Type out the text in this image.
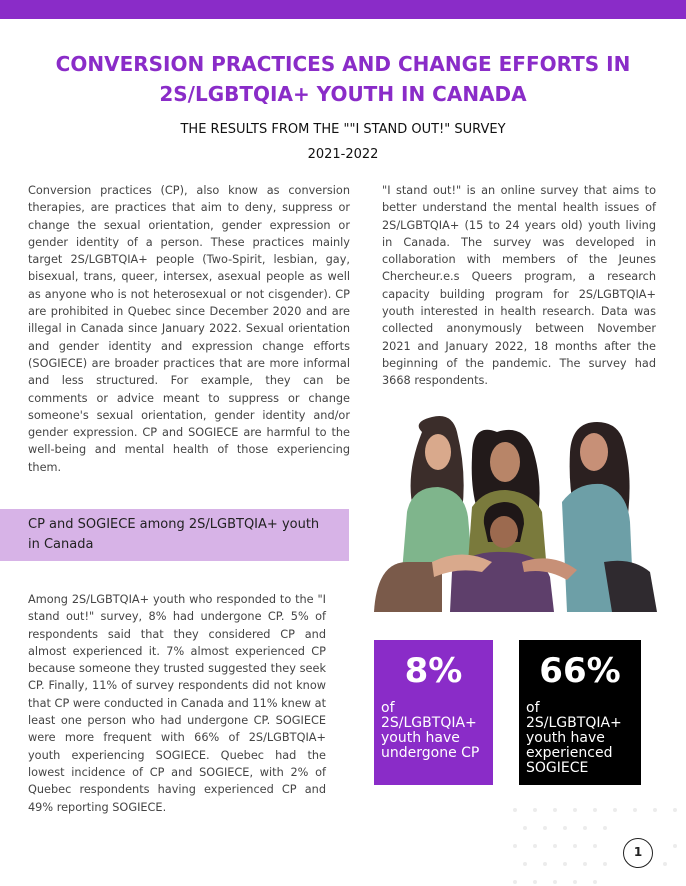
CONVERSION PRACTICES AND CHANGE EFFORTS IN
2S/LGBTQIA+ YOUTH IN CANADA
THE RESULTS FROM THE ""I STAND OUT!" SURVEY
2021-2022

Conversion practices (CP), also know as conversion therapies, are practices that aim to deny, suppress or change the sexual orientation, gender expression or gender identity of a person. These practices mainly target 2S/LGBTQIA+ people (Two-Spirit, lesbian, gay, bisexual, trans, queer, intersex, asexual people as well as anyone who is not heterosexual or not cisgender). CP are prohibited in Quebec since December 2020 and are illegal in Canada since January 2022. Sexual orientation and gender identity and expression change efforts (SOGIECE) are broader practices that are more informal and less structured. For example, they can be comments or advice meant to suppress or change someone's sexual orientation, gender identity and/or gender expression. CP and SOGIECE are harmful to the well-being and mental health of those experiencing them.

"I stand out!" is an online survey that aims to better understand the mental health issues of 2S/LGBTQIA+ (15 to 24 years old) youth living in Canada. The survey was developed in collaboration with members of the Jeunes Chercheur.e.s Queers program, a research capacity building program for 2S/LGBTQIA+ youth interested in health research. Data was collected anonymously between November 2021 and January 2022, 18 months after the beginning of the pandemic. The survey had 3668 respondents.

CP and SOGIECE among 2S/LGBTQIA+ youth in Canada

Among 2S/LGBTQIA+ youth who responded to the "I stand out!" survey, 8% had undergone CP. 5% of respondents said that they considered CP and almost experienced it. 7% almost experienced CP because someone they trusted suggested they seek CP. Finally, 11% of survey respondents did not know that CP were conducted in Canada and 11% knew at least one person who had undergone CP. SOGIECE were more frequent with 66% of 2S/LGBTQIA+ youth experiencing SOGIECE. Quebec had the lowest incidence of CP and SOGIECE, with 2% of Quebec respondents having experienced CP and 49% reporting SOGIECE.

8%
of 2S/LGBTQIA+ youth have undergone CP
66%
of 2S/LGBTQIA+ youth have experienced SOGIECE
1
